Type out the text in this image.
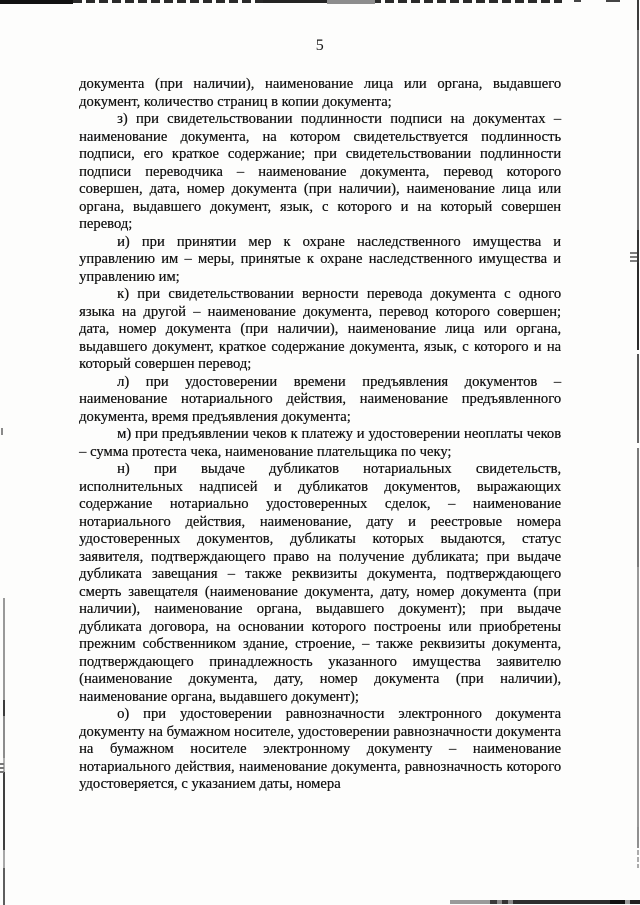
5

документа (при наличии), наименование лица или органа, выдавшего документ, количество страниц в копии документа;

з) при свидетельствовании подлинности подписи на документах – наименование документа, на котором свидетельствуется подлинность подписи, его краткое содержание; при свидетельствовании подлинности подписи переводчика – наименование документа, перевод которого совершен, дата, номер документа (при наличии), наименование лица или органа, выдавшего документ, язык, с которого и на который совершен перевод;

и) при принятии мер к охране наследственного имущества и управлению им – меры, принятые к охране наследственного имущества и управлению им;

к) при свидетельствовании верности перевода документа с одного языка на другой – наименование документа, перевод которого совершен; дата, номер документа (при наличии), наименование лица или органа, выдавшего документ, краткое содержание документа, язык, с которого и на который совершен перевод;

л) при удостоверении времени предъявления документов – наименование нотариального действия, наименование предъявленного документа, время предъявления документа;

м) при предъявлении чеков к платежу и удостоверении неоплаты чеков – сумма протеста чека, наименование плательщика по чеку;

н) при выдаче дубликатов нотариальных свидетельств, исполнительных надписей и дубликатов документов, выражающих содержание нотариально удостоверенных сделок, – наименование нотариального действия, наименование, дату и реестровые номера удостоверенных документов, дубликаты которых выдаются, статус заявителя, подтверждающего право на получение дубликата; при выдаче дубликата завещания – также реквизиты документа, подтверждающего смерть завещателя (наименование документа, дату, номер документа (при наличии), наименование органа, выдавшего документ); при выдаче дубликата договора, на основании которого построены или приобретены прежним собственником здание, строение, – также реквизиты документа, подтверждающего принадлежность указанного имущества заявителю (наименование документа, дату, номер документа (при наличии), наименование органа, выдавшего документ);

о) при удостоверении равнозначности электронного документа документу на бумажном носителе, удостоверении равнозначности документа на бумажном носителе электронному документу – наименование нотариального действия, наименование документа, равнозначность которого удостоверяется, с указанием даты, номера
